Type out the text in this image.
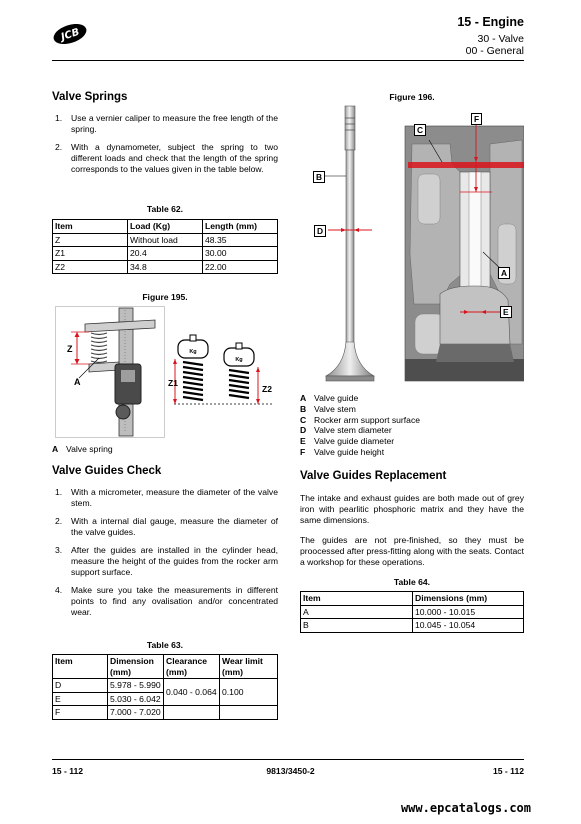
JCB
15 - Engine
30 - Valve
00 - General
Valve Springs
1. Use a vernier caliper to measure the free length of the spring.
2. With a dynamometer, subject the spring to two different loads and check that the length of the spring corresponds to the values given in the table below.
Table 62.
Item	Load (Kg)	Length (mm)
Z	Without load	48.35
Z1	20.4	30.00
Z2	34.8	22.00
Figure 195.
Z
A
Kg
Z1
Kg
Z2
A Valve spring
Valve Guides Check
1. With a micrometer, measure the diameter of the valve stem.
2. With a internal dial gauge, measure the diameter of the valve guides.
3. After the guides are installed in the cylinder head, measure the height of the guides from the rocker arm support surface.
4. Make sure you take the measurements in different points to find any ovalisation and/or concentrated wear.
Table 63.
Item	Dimension (mm)	Clearance (mm)	Wear limit (mm)
D	5.978 - 5.990	0.040 - 0.064	0.100
E	5.030 - 6.042		
F	7.000 - 7.020		
Figure 196.
B
D
C
F
A
E
A Valve guide
B Valve stem
C Rocker arm support surface
D Valve stem diameter
E Valve guide diameter
F Valve guide height
Valve Guides Replacement
The intake and exhaust guides are both made out of grey iron with pearlitic phosphoric matrix and they have the same dimensions.
The guides are not pre-finished, so they must be proocessed after press-fitting along with the seats. Contact a workshop for these operations.
Table 64.
Item	Dimensions (mm)
A	10.000 - 10.015
B	10.045 - 10.054
15 - 112	9813/3450-2	15 - 112
www.epcatalogs.com
